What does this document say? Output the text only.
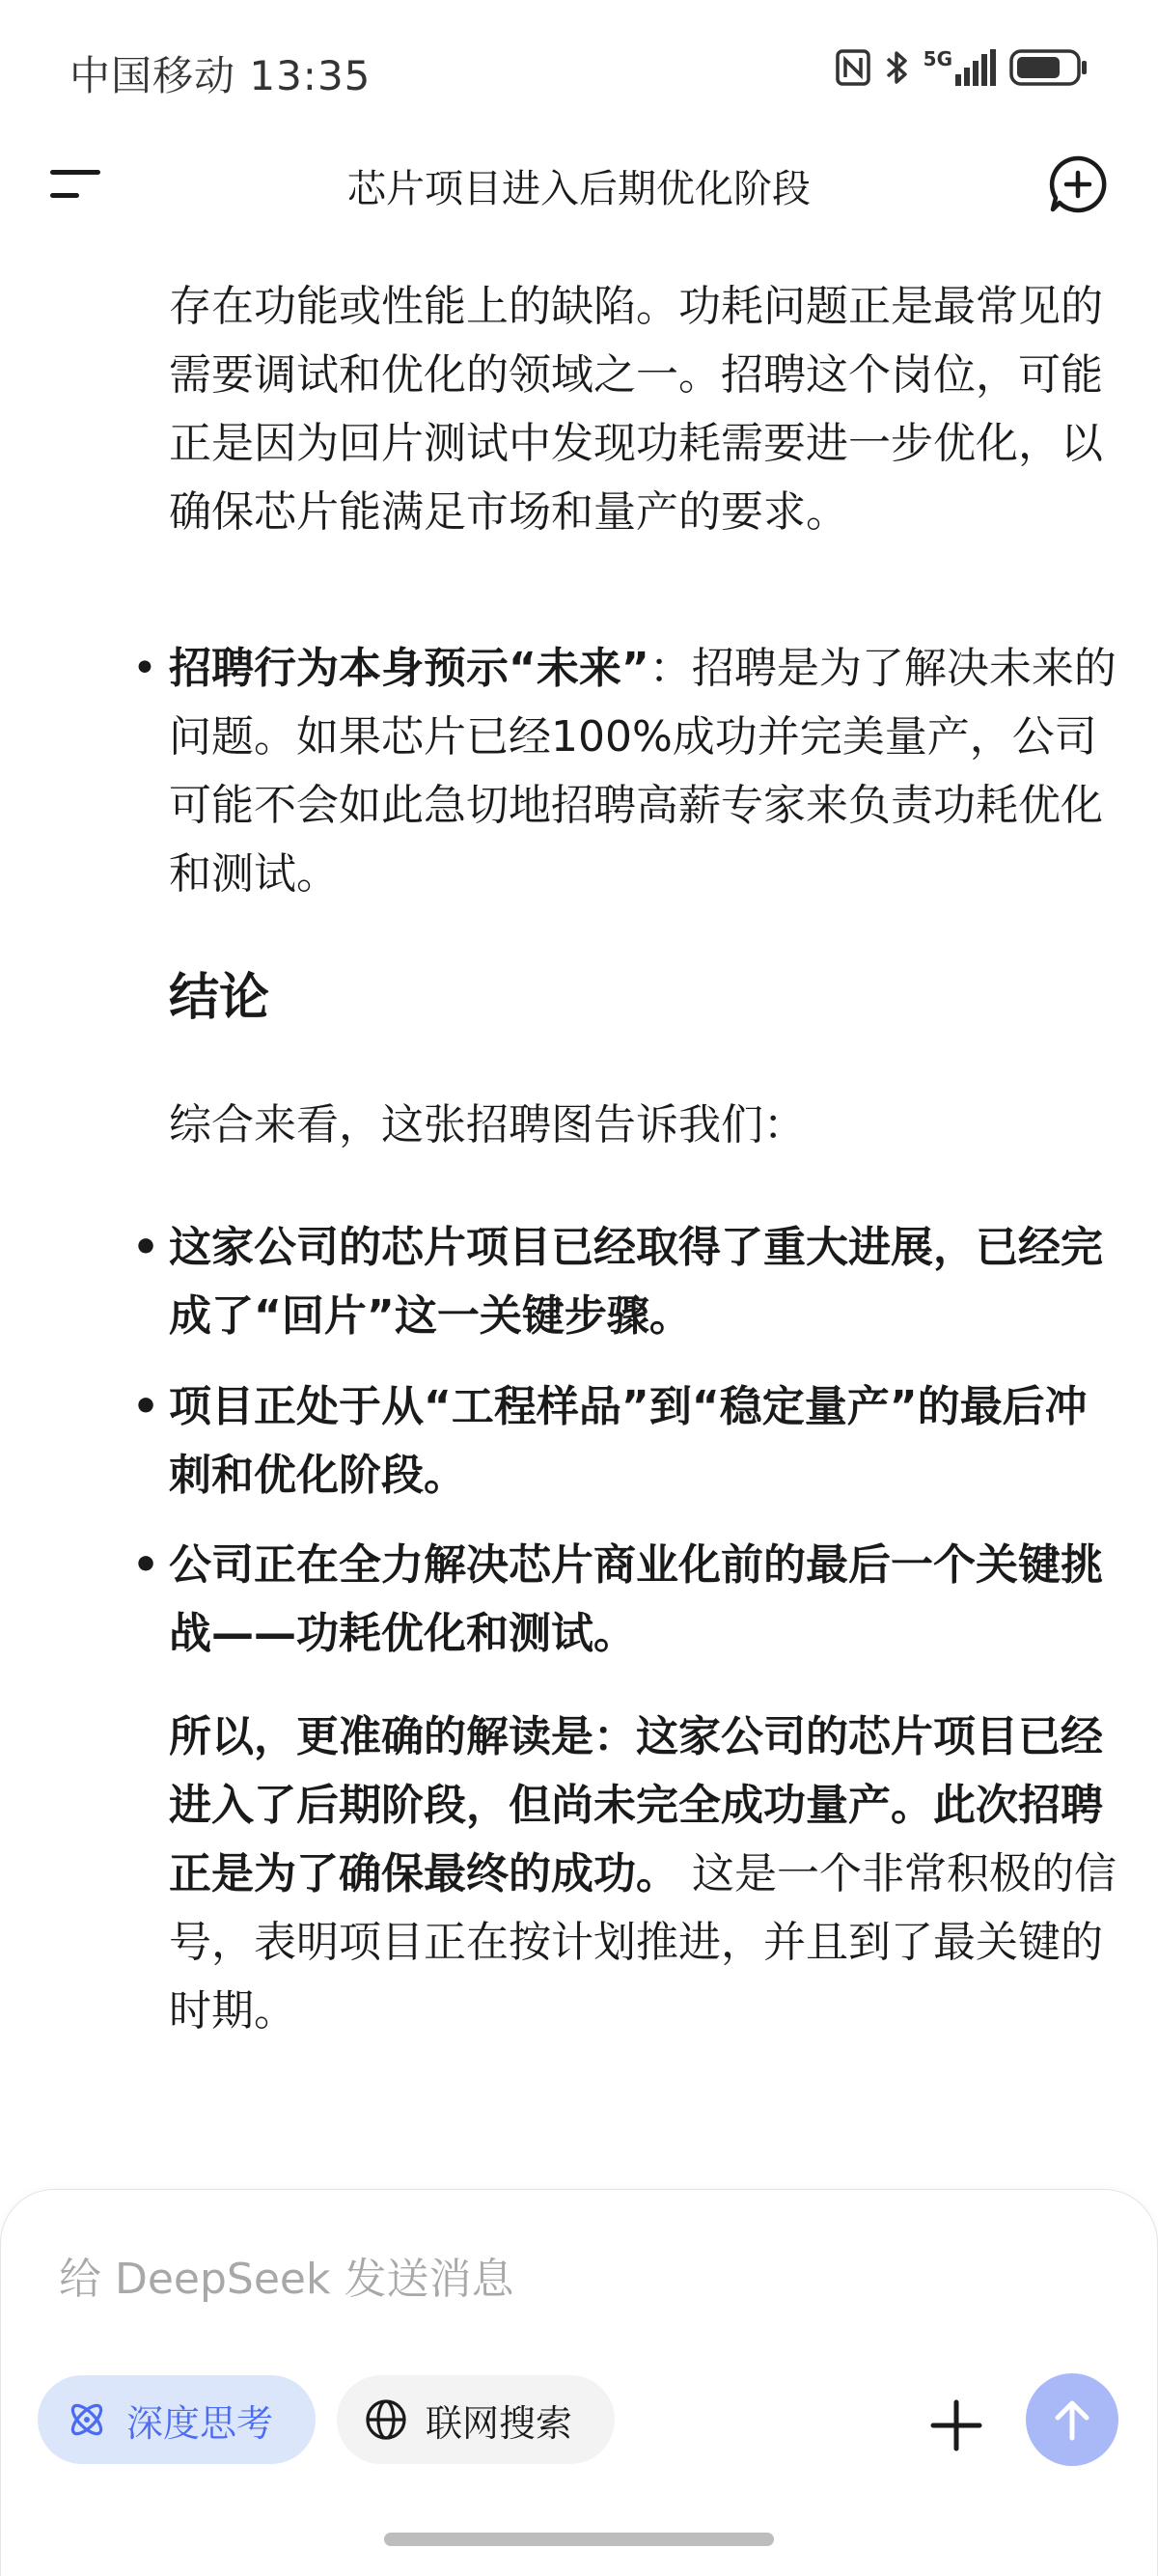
中国移动 13:35	5G
芯片项目进入后期优化阶段
存在功能或性能上的缺陷。功耗问题正是最常见的需要调试和优化的领域之一。招聘这个岗位，可能正是因为回片测试中发现功耗需要进一步优化，以确保芯片能满足市场和量产的要求。
• 招聘行为本身预示“未来”：招聘是为了解决未来的问题。如果芯片已经100%成功并完美量产，公司可能不会如此急切地招聘高薪专家来负责功耗优化和测试。
结论
综合来看，这张招聘图告诉我们：
• 这家公司的芯片项目已经取得了重大进展，已经完成了“回片”这一关键步骤。
• 项目正处于从“工程样品”到“稳定量产”的最后冲刺和优化阶段。
• 公司正在全力解决芯片商业化前的最后一个关键挑战——功耗优化和测试。
所以，更准确的解读是：这家公司的芯片项目已经进入了后期阶段，但尚未完全成功量产。此次招聘正是为了确保最终的成功。 这是一个非常积极的信号，表明项目正在按计划推进，并且到了最关键的时期。
给 DeepSeek 发送消息
深度思考	联网搜索
